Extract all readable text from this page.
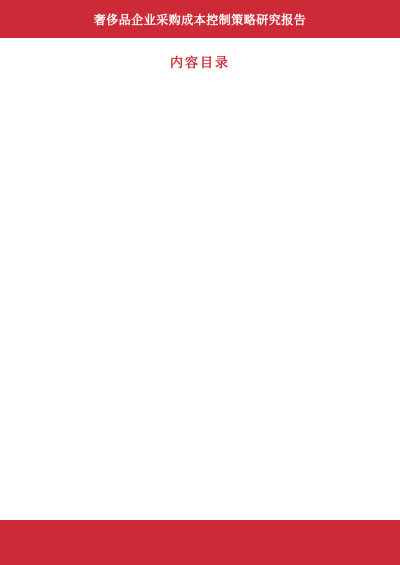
奢侈品企业采购成本控制策略研究报告
内容目录
